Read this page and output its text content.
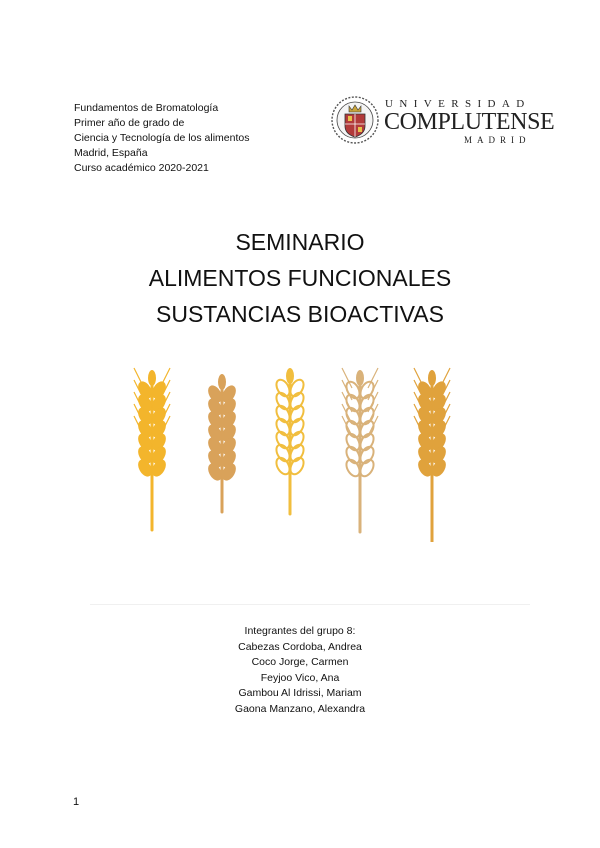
Fundamentos de Bromatología
Primer año de grado de
Ciencia y Tecnología de los alimentos
Madrid, España
Curso académico 2020-2021
UNIVERSIDAD
COMPLUTENSE
MADRID
SEMINARIO
ALIMENTOS FUNCIONALES
SUSTANCIAS BIOACTIVAS
Integrantes del grupo 8:
Cabezas Cordoba, Andrea
Coco Jorge, Carmen
Feyjoo Vico, Ana
Gambou Al Idrissi, Mariam
Gaona Manzano, Alexandra
1
